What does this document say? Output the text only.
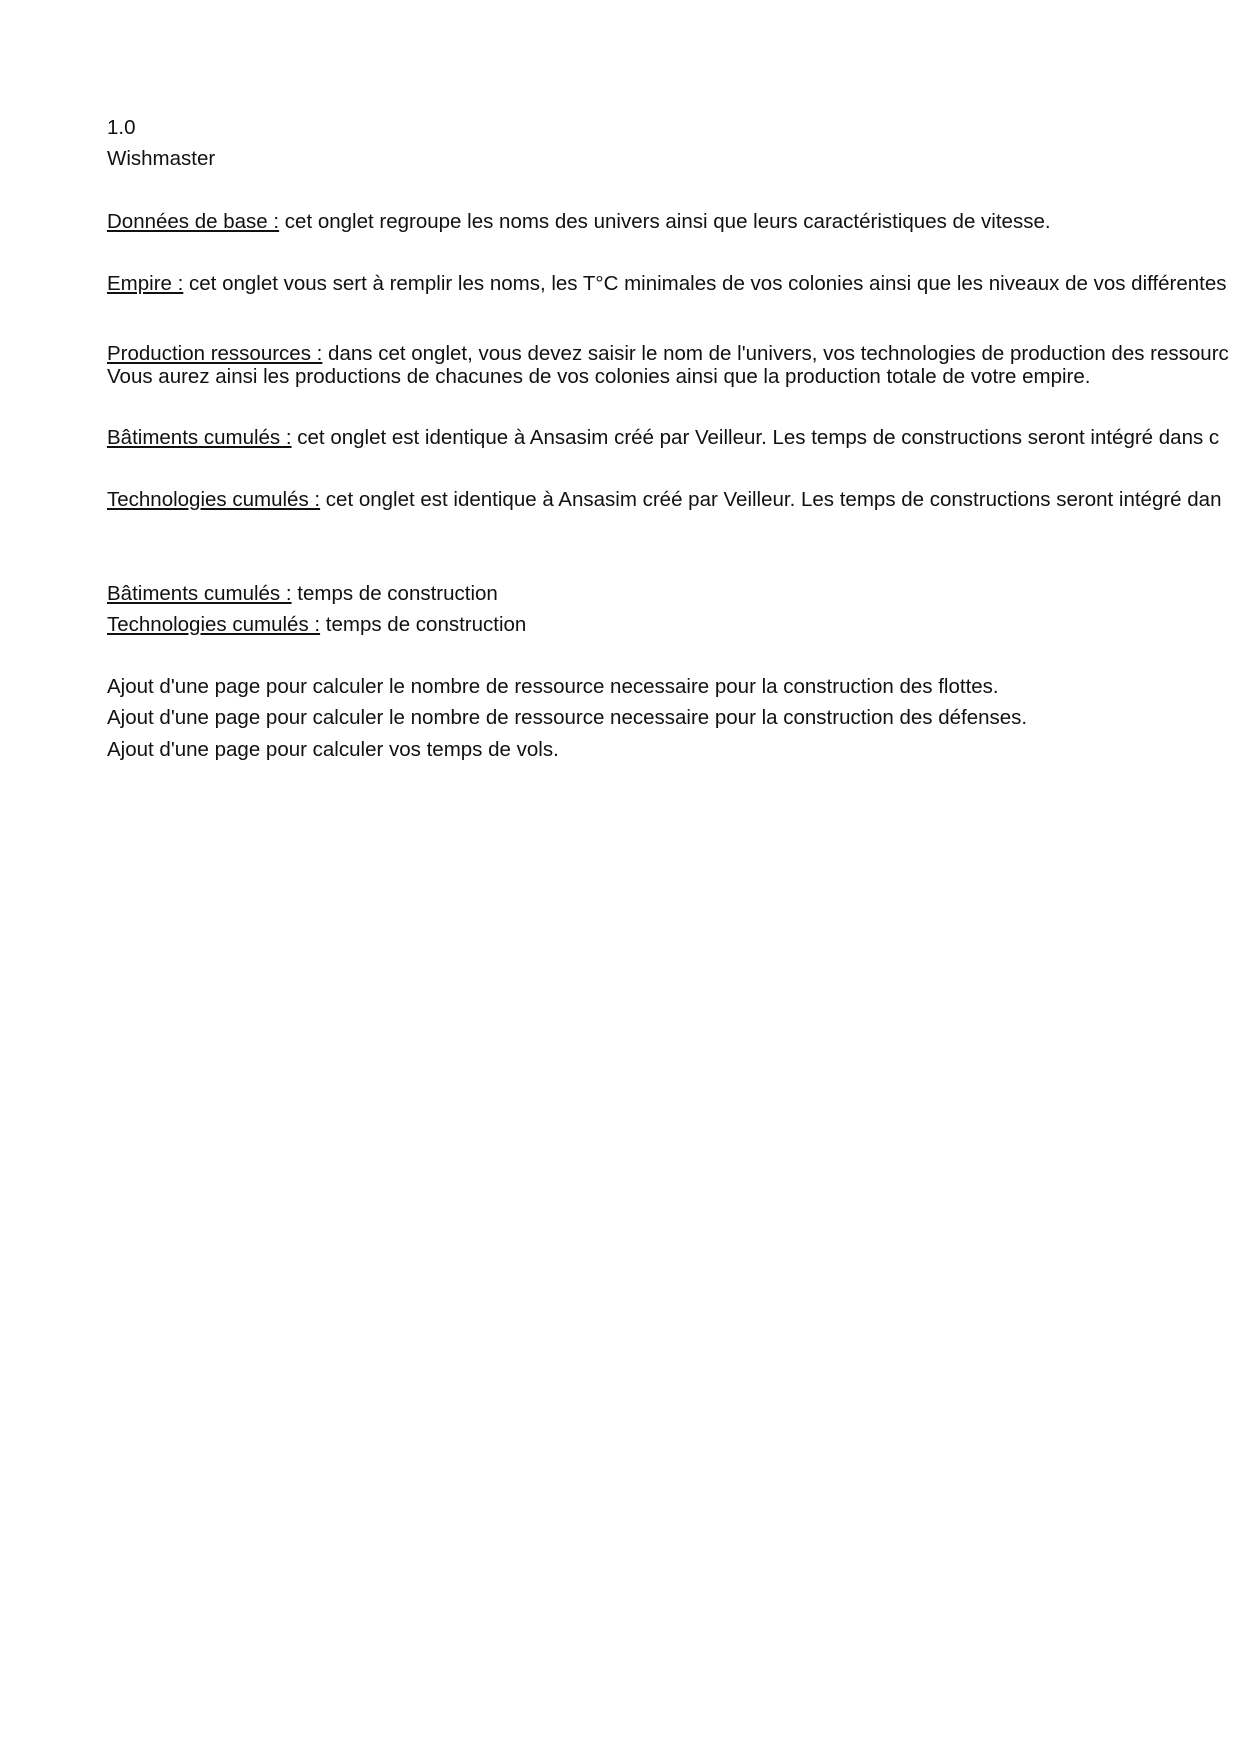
1.0
Wishmaster
Données de base : cet onglet regroupe les noms des univers ainsi que leurs caractéristiques de vitesse.
Empire : cet onglet vous sert à remplir les noms, les T°C minimales de vos colonies ainsi que les niveaux de vos différentes
Production ressources : dans cet onglet, vous devez saisir le nom de l'univers, vos technologies de production des ressourc
Vous aurez ainsi les productions de chacunes de vos colonies ainsi que la production totale de votre empire.
Bâtiments cumulés : cet onglet est identique à Ansasim créé par Veilleur. Les temps de constructions seront intégré dans c
Technologies cumulés : cet onglet est identique à Ansasim créé par Veilleur. Les temps de constructions seront intégré dan
Bâtiments cumulés : temps de construction
Technologies cumulés : temps de construction
Ajout d'une page pour calculer le nombre de ressource necessaire pour la construction des flottes.
Ajout d'une page pour calculer le nombre de ressource necessaire pour la construction des défenses.
Ajout d'une page pour calculer vos temps de vols.
